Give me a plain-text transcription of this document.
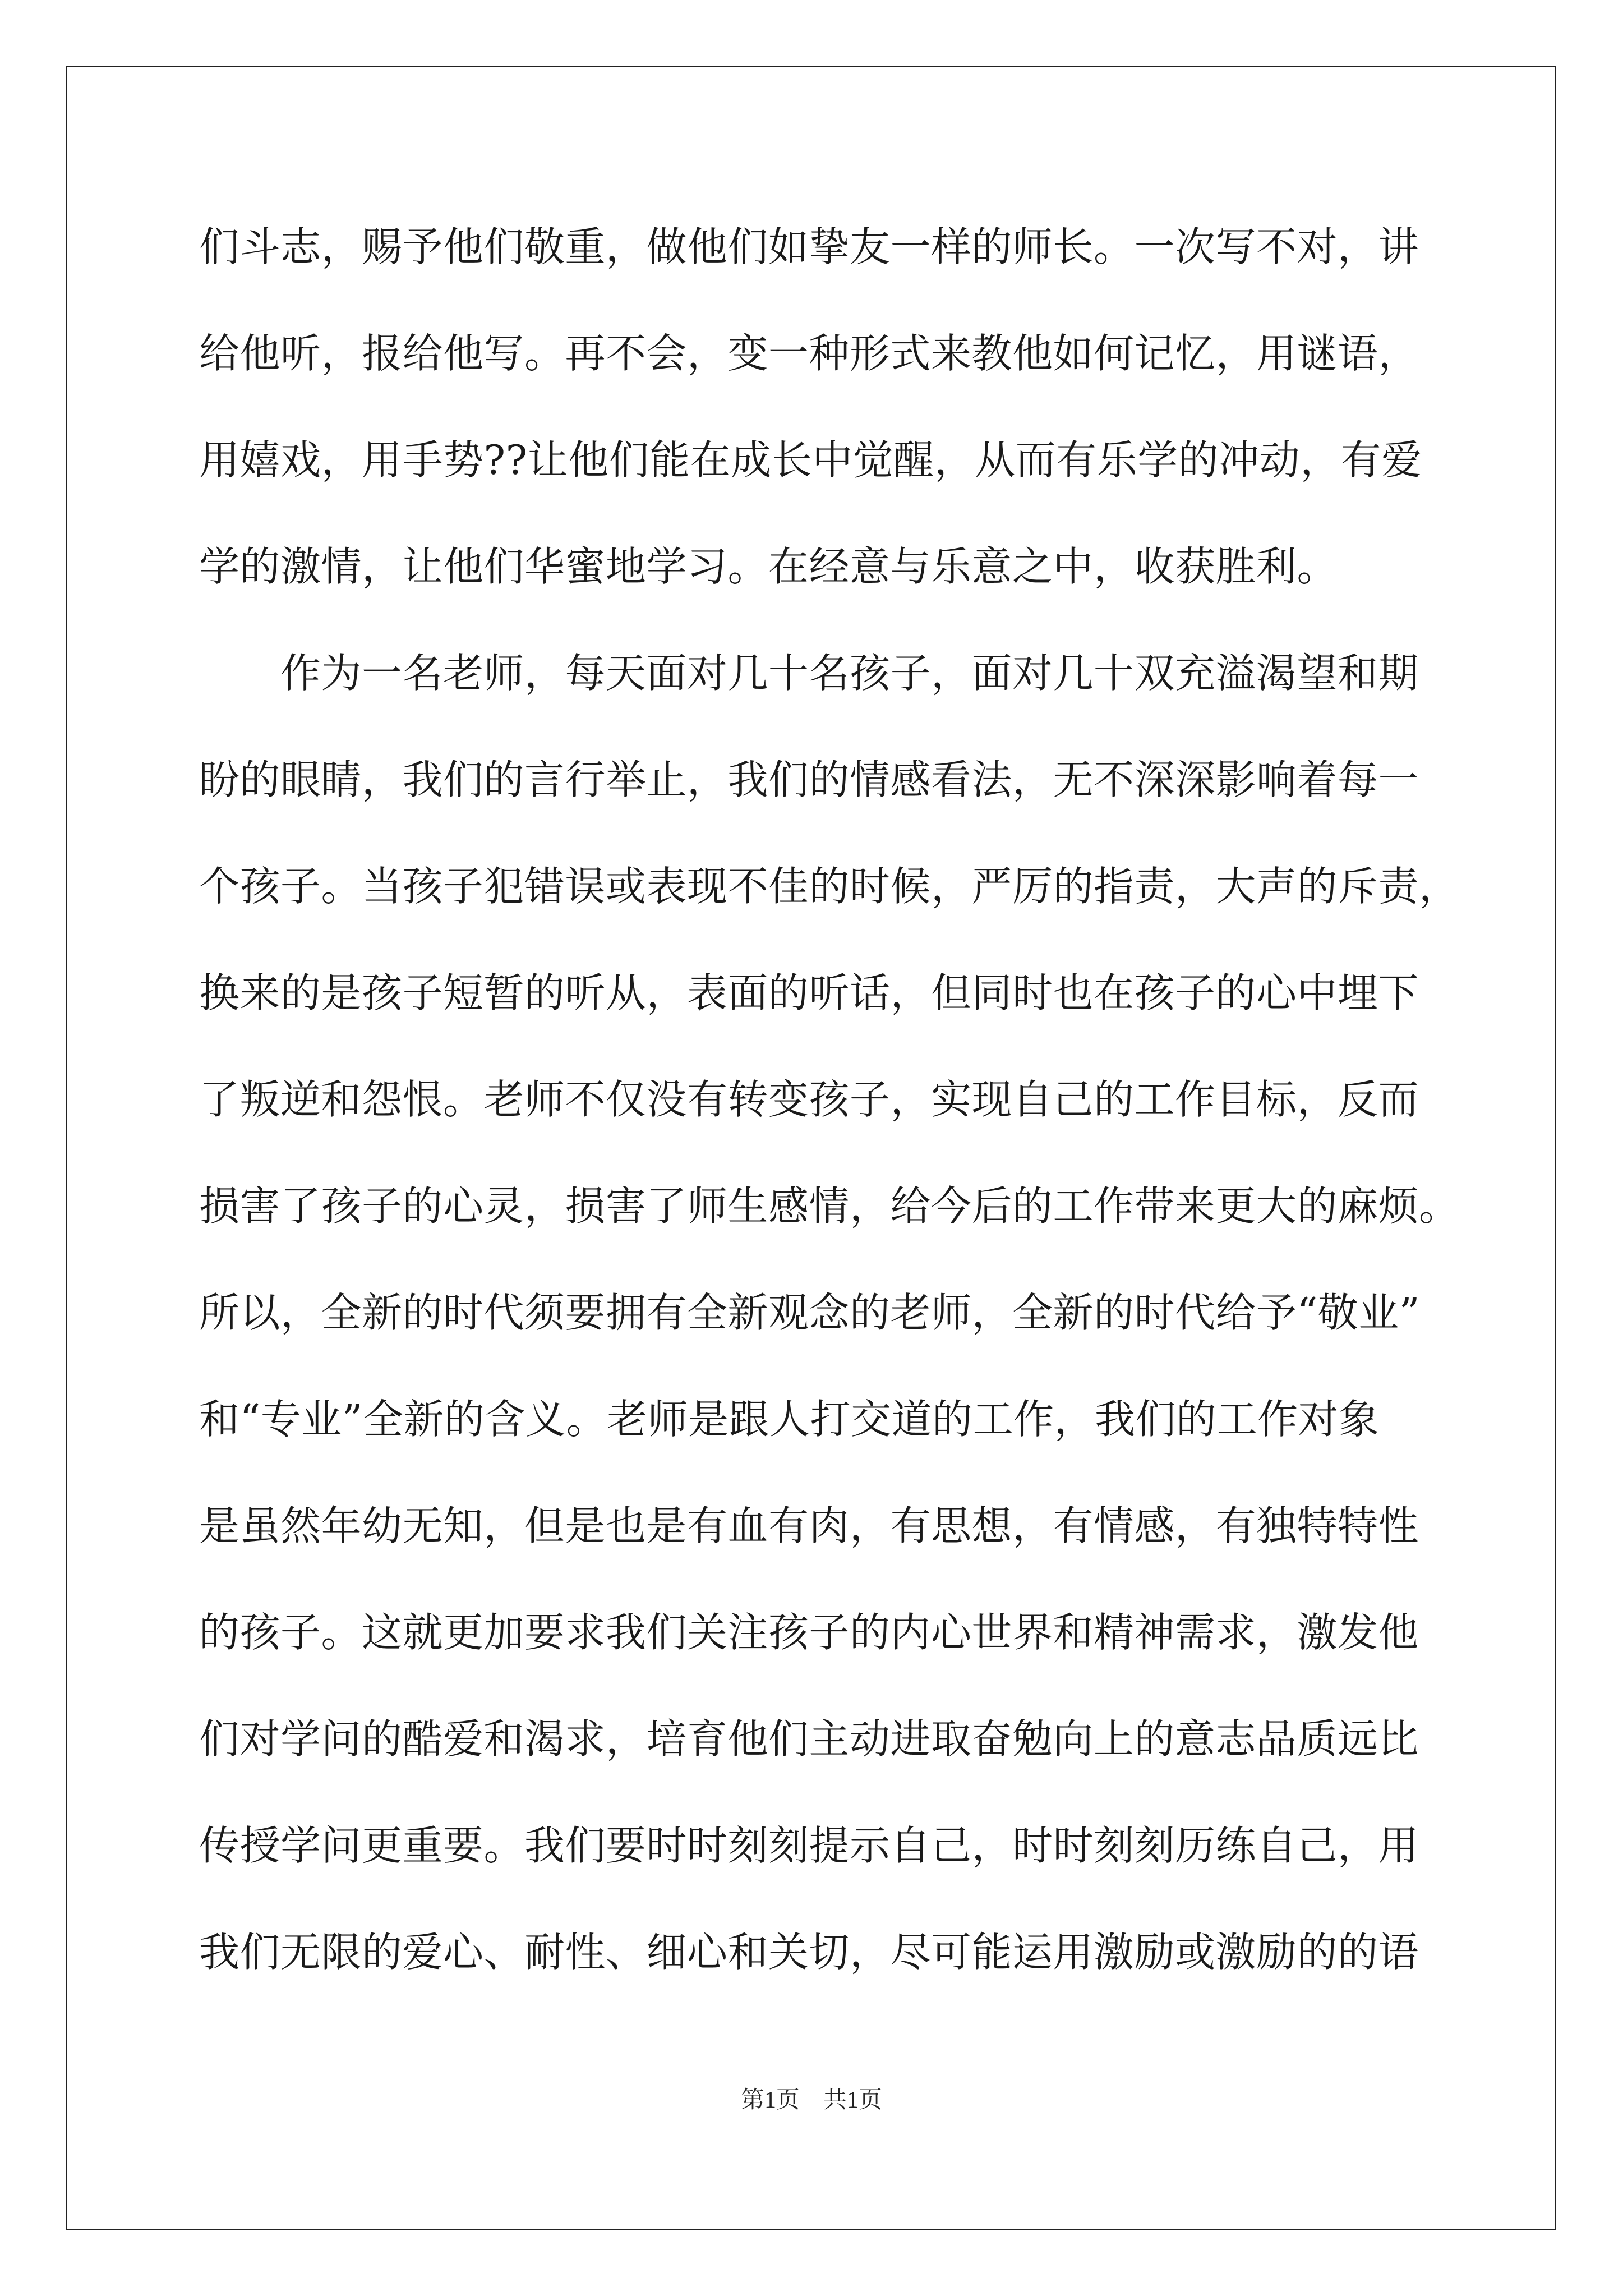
们斗志，赐予他们敬重，做他们如挚友一样的师长。一次写不对，讲
给他听，报给他写。再不会，变一种形式来教他如何记忆，用谜语，
用嬉戏，用手势??让他们能在成长中觉醒，从而有乐学的冲动，有爱
学的激情，让他们华蜜地学习。在经意与乐意之中，收获胜利。
　　作为一名老师，每天面对几十名孩子，面对几十双充溢渴望和期
盼的眼睛，我们的言行举止，我们的情感看法，无不深深影响着每一
个孩子。当孩子犯错误或表现不佳的时候，严厉的指责，大声的斥责，
换来的是孩子短暂的听从，表面的听话，但同时也在孩子的心中埋下
了叛逆和怨恨。老师不仅没有转变孩子，实现自己的工作目标，反而
损害了孩子的心灵，损害了师生感情，给今后的工作带来更大的麻烦。
所以，全新的时代须要拥有全新观念的老师，全新的时代给予“敬业”
和“专业”全新的含义。老师是跟人打交道的工作，我们的工作对象
是虽然年幼无知，但是也是有血有肉，有思想，有情感，有独特特性
的孩子。这就更加要求我们关注孩子的内心世界和精神需求，激发他
们对学问的酷爱和渴求，培育他们主动进取奋勉向上的意志品质远比
传授学问更重要。我们要时时刻刻提示自己，时时刻刻历练自己，用
我们无限的爱心、耐性、细心和关切，尽可能运用激励或激励的的语
第1页　共1页
